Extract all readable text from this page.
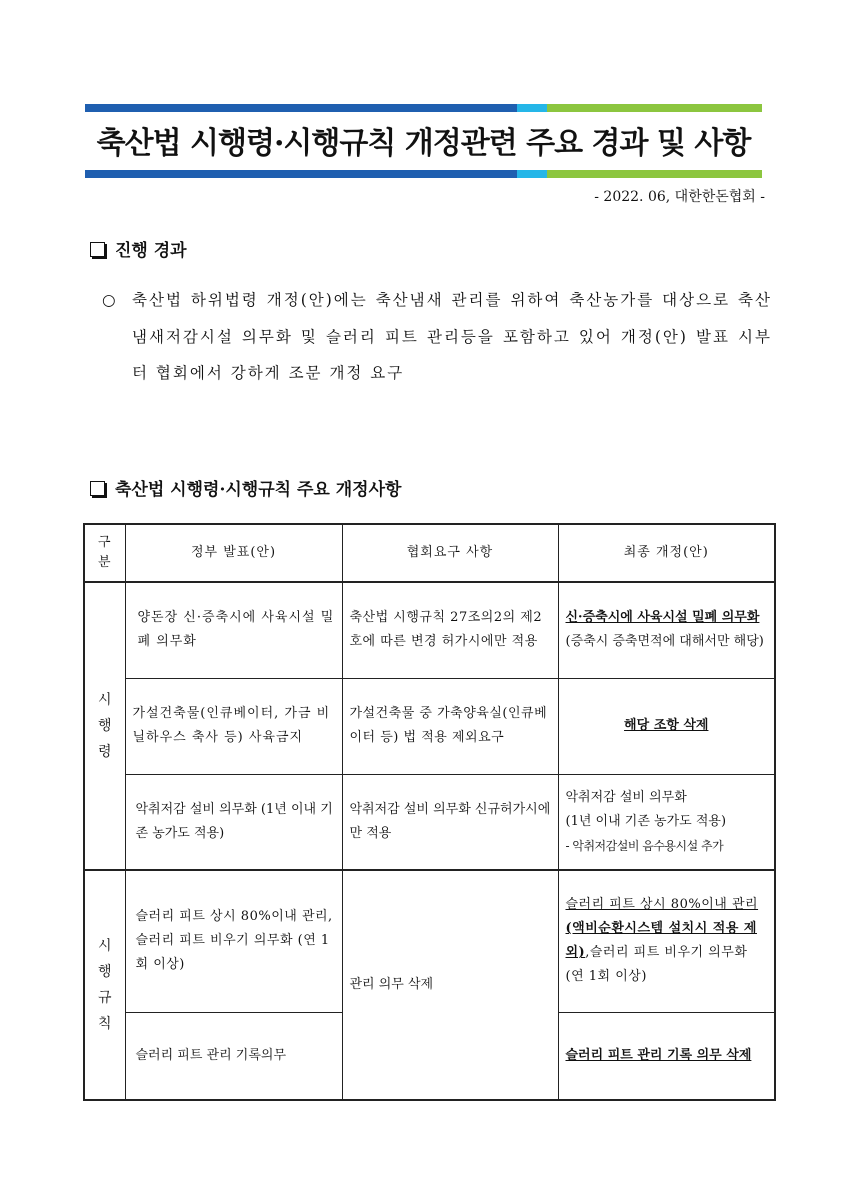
축산법 시행령·시행규칙 개정관련 주요 경과 및 사항
- 2022. 06, 대한한돈협회 -
진행 경과
○ 축산법 하위법령 개정(안)에는 축산냄새 관리를 위하여 축산농가를 대상으로 축산냄새저감시설 의무화 및 슬러리 피트 관리등을 포함하고 있어 개정(안) 발표 시부터 협회에서 강하게 조문 개정 요구
축산법 시행령·시행규칙 주요 개정사항
구
분	정부 발표(안)	협회요구 사항	최종 개정(안)
시
행
령	양돈장 신·증축시에 사육시설 밀폐 의무화	축산법 시행규칙 27조의2의 제2호에 따른 변경 허가시에만 적용	신·증축시에 사육시설 밀폐 의무화(증축시 증축면적에 대해서만 해당)
	가설건축물(인큐베이터, 가금 비닐하우스 축사 등) 사육금지	가설건축물 중 가축양육실(인큐베이터 등) 법 적용 제외요구	해당 조항 삭제
	악취저감 설비 의무화 (1년 이내 기존 농가도 적용)	악취저감 설비 의무화 신규허가시에만 적용	악취저감 설비 의무화
(1년 이내 기존 농가도 적용)
- 악취저감설비 음수용시설 추가

시
행
규
칙	슬러리 피트 상시 80%이내 관리,슬러리 피트 비우기 의무화 (연 1회 이상)	관리 의무 삭제	슬러리 피트 상시 80%이내 관리(액비순환시스템 설치시 적용 제외),슬러리 피트 비우기 의무화 (연 1회 이상)
	슬러리 피트 관리 기록의무		슬러리 피트 관리 기록 의무 삭제
